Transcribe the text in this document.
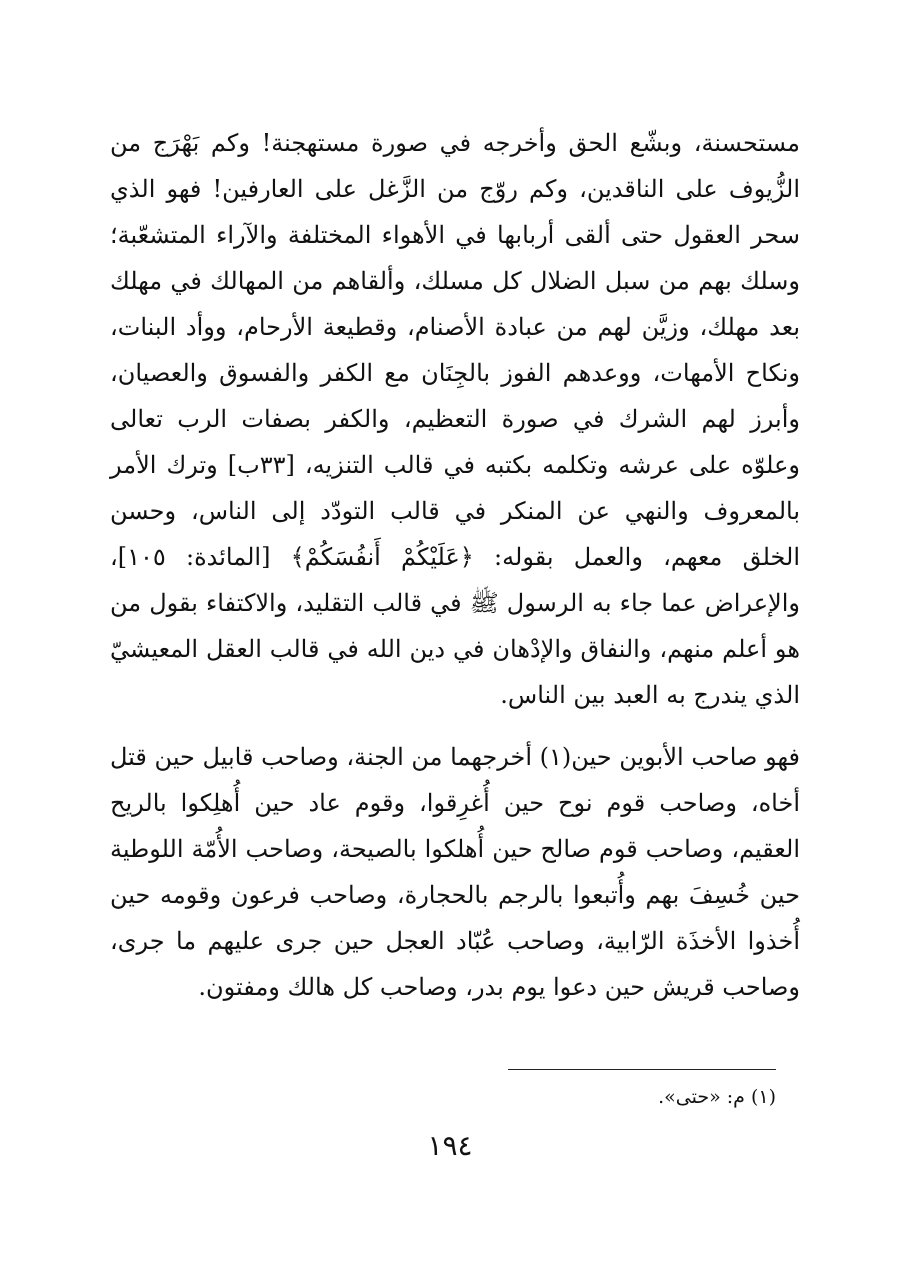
مستحسنة، وبشّع الحق وأخرجه في صورة مستهجنة! وكم بَهْرَج من الزُّيوف على الناقدين، وكم روّج من الزَّغل على العارفين! فهو الذي سحر العقول حتى ألقى أربابها في الأهواء المختلفة والآراء المتشعّبة؛ وسلك بهم من سبل الضلال كل مسلك، وألقاهم من المهالك في مهلك بعد مهلك، وزيَّن لهم من عبادة الأصنام، وقطيعة الأرحام، ووأد البنات، ونكاح الأمهات، ووعدهم الفوز بالجِنَان مع الكفر والفسوق والعصيان، وأبرز لهم الشرك في صورة التعظيم، والكفر بصفات الرب تعالى وعلوّه على عرشه وتكلمه بكتبه في قالب التنزيه، [٣٣ب] وترك الأمر بالمعروف والنهي عن المنكر في قالب التودّد إلى الناس، وحسن الخلق معهم، والعمل بقوله: ﴿عَلَيْكُمْ أَنفُسَكُمْ﴾ [المائدة: ١٠٥]، والإعراض عما جاء به الرسول ﷺ في قالب التقليد، والاكتفاء بقول من هو أعلم منهم، والنفاق والإدْهان في دين الله في قالب العقل المعيشيّ الذي يندرج به العبد بين الناس.

فهو صاحب الأبوين حين(١) أخرجهما من الجنة، وصاحب قابيل حين قتل أخاه، وصاحب قوم نوح حين أُغرِقوا، وقوم عاد حين أُهلِكوا بالريح العقيم، وصاحب قوم صالح حين أُهلكوا بالصيحة، وصاحب الأُمّة اللوطية حين خُسِفَ بهم وأُتبعوا بالرجم بالحجارة، وصاحب فرعون وقومه حين أُخذوا الأخذَة الرّابية، وصاحب عُبّاد العجل حين جرى عليهم ما جرى، وصاحب قريش حين دعوا يوم بدر، وصاحب كل هالك ومفتون.

(١) م: «حتى».
١٩٤
